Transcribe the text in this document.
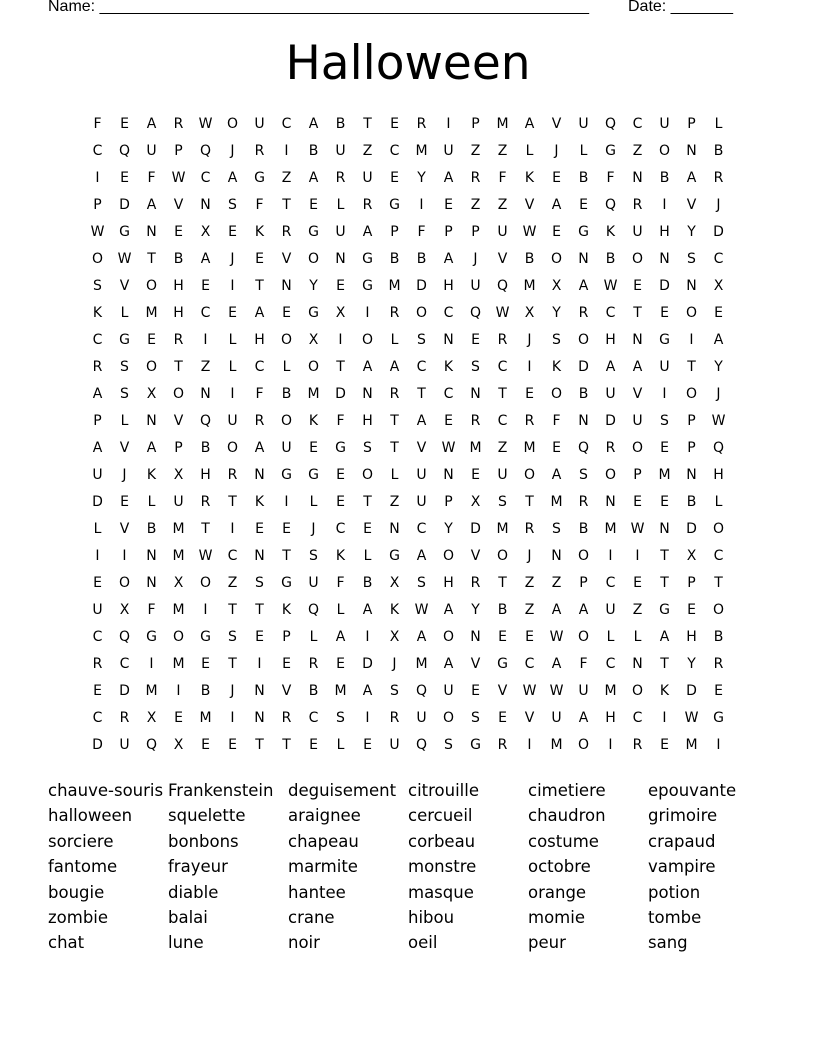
Name: _______________________________________________________ Date: _______
Halloween
F	E	A	R	W	O	U	C	A	B	T	E	R	I	P	M	A	V	U	Q	C	U	P	L
C	Q	U	P	Q	J	R	I	B	U	Z	C	M	U	Z	Z	L	J	L	G	Z	O	N	B
I	E	F	W	C	A	G	Z	A	R	U	E	Y	A	R	F	K	E	B	F	N	B	A	R
P	D	A	V	N	S	F	T	E	L	R	G	I	E	Z	Z	V	A	E	Q	R	I	V	J
W	G	N	E	X	E	K	R	G	U	A	P	F	P	P	U	W	E	G	K	U	H	Y	D
O	W	T	B	A	J	E	V	O	N	G	B	B	A	J	V	B	O	N	B	O	N	S	C
S	V	O	H	E	I	T	N	Y	E	G	M	D	H	U	Q	M	X	A	W	E	D	N	X
K	L	M	H	C	E	A	E	G	X	I	R	O	C	Q	W	X	Y	R	C	T	E	O	E
C	G	E	R	I	L	H	O	X	I	O	L	S	N	E	R	J	S	O	H	N	G	I	A
R	S	O	T	Z	L	C	L	O	T	A	A	C	K	S	C	I	K	D	A	A	U	T	Y
A	S	X	O	N	I	F	B	M	D	N	R	T	C	N	T	E	O	B	U	V	I	O	J
P	L	N	V	Q	U	R	O	K	F	H	T	A	E	R	C	R	F	N	D	U	S	P	W
A	V	A	P	B	O	A	U	E	G	S	T	V	W	M	Z	M	E	Q	R	O	E	P	Q
U	J	K	X	H	R	N	G	G	E	O	L	U	N	E	U	O	A	S	O	P	M	N	H
D	E	L	U	R	T	K	I	L	E	T	Z	U	P	X	S	T	M	R	N	E	E	B	L
L	V	B	M	T	I	E	E	J	C	E	N	C	Y	D	M	R	S	B	M	W	N	D	O
I	I	N	M	W	C	N	T	S	K	L	G	A	O	V	O	J	N	O	I	I	T	X	C
E	O	N	X	O	Z	S	G	U	F	B	X	S	H	R	T	Z	Z	P	C	E	T	P	T
U	X	F	M	I	T	T	K	Q	L	A	K	W	A	Y	B	Z	A	A	U	Z	G	E	O
C	Q	G	O	G	S	E	P	L	A	I	X	A	O	N	E	E	W	O	L	L	A	H	B
R	C	I	M	E	T	I	E	R	E	D	J	M	A	V	G	C	A	F	C	N	T	Y	R
E	D	M	I	B	J	N	V	B	M	A	S	Q	U	E	V	W W	U	M	O	K	D	E
C	R	X	E	M	I	N	R	C	S	I	R	U	O	S	E	V	U	A	H	C	I	W	G
D	U	Q	X	E	E	T	T	E	L	E	U	Q	S	G	R	I	M	O	I	R	E	M	I
chauve-souris Frankenstein deguisement citrouille	cimetiere	epouvante
halloween	squelette	araignee	cercueil	chaudron	grimoire
sorciere	bonbons	chapeau	corbeau	costume	crapaud
fantome	frayeur	marmite	monstre	octobre	vampire
bougie	diable	hantee	masque	orange	potion
zombie	balai	crane	hibou	momie	tombe
chat	lune	noir	oeil	peur	sang
